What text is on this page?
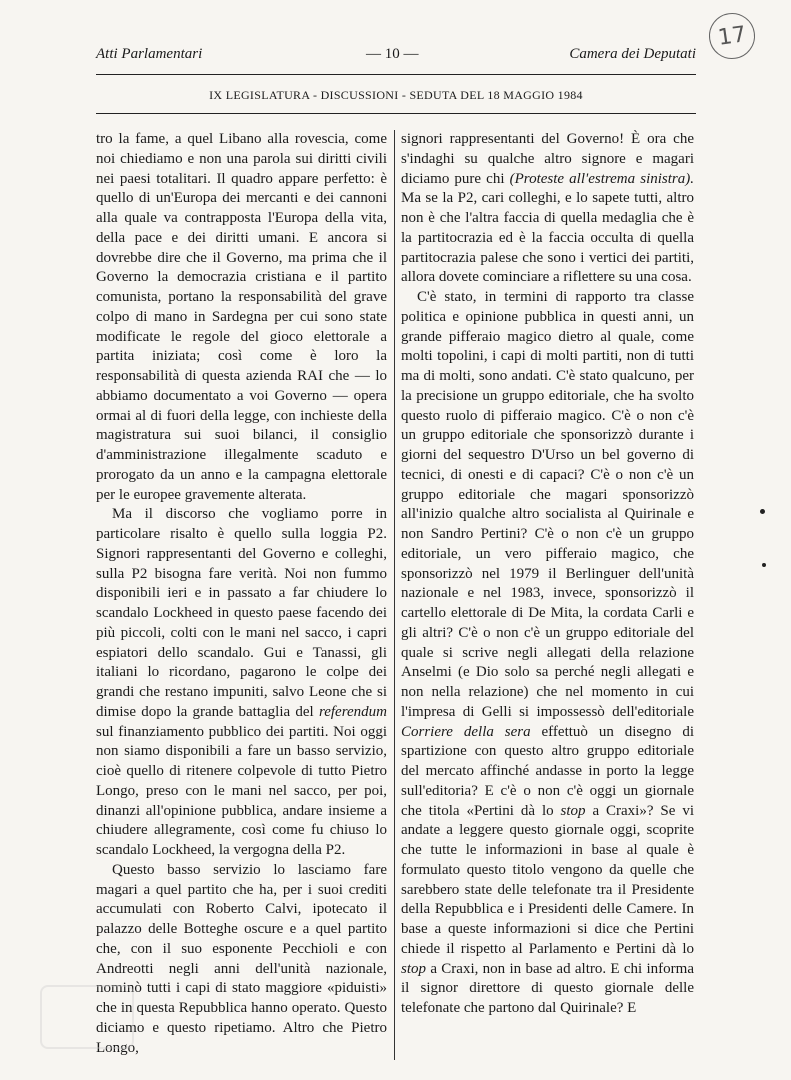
17
Atti Parlamentari	— 10 —	Camera dei Deputati
IX LEGISLATURA - DISCUSSIONI - SEDUTA DEL 18 MAGGIO 1984

tro la fame, a quel Libano alla rovescia, come noi chiediamo e non una parola sui diritti civili nei paesi totalitari. Il quadro appare perfetto: è quello di un'Europa dei mercanti e dei cannoni alla quale va contrapposta l'Europa della vita, della pace e dei diritti umani. E ancora si dovrebbe dire che il Governo, ma prima che il Governo la democrazia cristiana e il partito comunista, portano la responsabilità del grave colpo di mano in Sardegna per cui sono state modificate le regole del gioco elettorale a partita iniziata; così come è loro la responsabilità di questa azienda RAI che — lo abbiamo documentato a voi Governo — opera ormai al di fuori della legge, con inchieste della magistratura sui suoi bilanci, il consiglio d'amministrazione illegalmente scaduto e prorogato da un anno e la campagna elettorale per le europee gravemente alterata.

Ma il discorso che vogliamo porre in particolare risalto è quello sulla loggia P2. Signori rappresentanti del Governo e colleghi, sulla P2 bisogna fare verità. Noi non fummo disponibili ieri e in passato a far chiudere lo scandalo Lockheed in questo paese facendo dei più piccoli, colti con le mani nel sacco, i capri espiatori dello scandalo. Gui e Tanassi, gli italiani lo ricordano, pagarono le colpe dei grandi che restano impuniti, salvo Leone che si dimise dopo la grande battaglia del referendum sul finanziamento pubblico dei partiti. Noi oggi non siamo disponibili a fare un basso servizio, cioè quello di ritenere colpevole di tutto Pietro Longo, preso con le mani nel sacco, per poi, dinanzi all'opinione pubblica, andare insieme a chiudere allegramente, così come fu chiuso lo scandalo Lockheed, la vergogna della P2.

Questo basso servizio lo lasciamo fare magari a quel partito che ha, per i suoi crediti accumulati con Roberto Calvi, ipotecato il palazzo delle Botteghe oscure e a quel partito che, con il suo esponente Pecchioli e con Andreotti negli anni dell'unità nazionale, nominò tutti i capi di stato maggiore «piduisti» che in questa Repubblica hanno operato. Questo diciamo e questo ripetiamo. Altro che Pietro Longo,

signori rappresentanti del Governo! È ora che s'indaghi su qualche altro signore e magari diciamo pure chi (Proteste all'estrema sinistra). Ma se la P2, cari colleghi, e lo sapete tutti, altro non è che l'altra faccia di quella medaglia che è la partitocrazia ed è la faccia occulta di quella partitocrazia palese che sono i vertici dei partiti, allora dovete cominciare a riflettere su una cosa.

C'è stato, in termini di rapporto tra classe politica e opinione pubblica in questi anni, un grande pifferaio magico dietro al quale, come molti topolini, i capi di molti partiti, non di tutti ma di molti, sono andati. C'è stato qualcuno, per la precisione un gruppo editoriale, che ha svolto questo ruolo di pifferaio magico. C'è o non c'è un gruppo editoriale che sponsorizzò durante i giorni del sequestro D'Urso un bel governo di tecnici, di onesti e di capaci? C'è o non c'è un gruppo editoriale che magari sponsorizzò all'inizio qualche altro socialista al Quirinale e non Sandro Pertini? C'è o non c'è un gruppo editoriale, un vero pifferaio magico, che sponsorizzò nel 1979 il Berlinguer dell'unità nazionale e nel 1983, invece, sponsorizzò il cartello elettorale di De Mita, la cordata Carli e gli altri? C'è o non c'è un gruppo editoriale del quale si scrive negli allegati della relazione Anselmi (e Dio solo sa perché negli allegati e non nella relazione) che nel momento in cui l'impresa di Gelli si impossessò dell'editoriale Corriere della sera effettuò un disegno di spartizione con questo altro gruppo editoriale del mercato affinché andasse in porto la legge sull'editoria? E c'è o non c'è oggi un giornale che titola «Pertini dà lo stop a Craxi»? Se vi andate a leggere questo giornale oggi, scoprite che tutte le informazioni in base al quale è formulato questo titolo vengono da quelle che sarebbero state delle telefonate tra il Presidente della Repubblica e i Presidenti delle Camere. In base a queste informazioni si dice che Pertini chiede il rispetto al Parlamento e Pertini dà lo stop a Craxi, non in base ad altro. E chi informa il signor direttore di questo giornale delle telefonate che partono dal Quirinale? E
